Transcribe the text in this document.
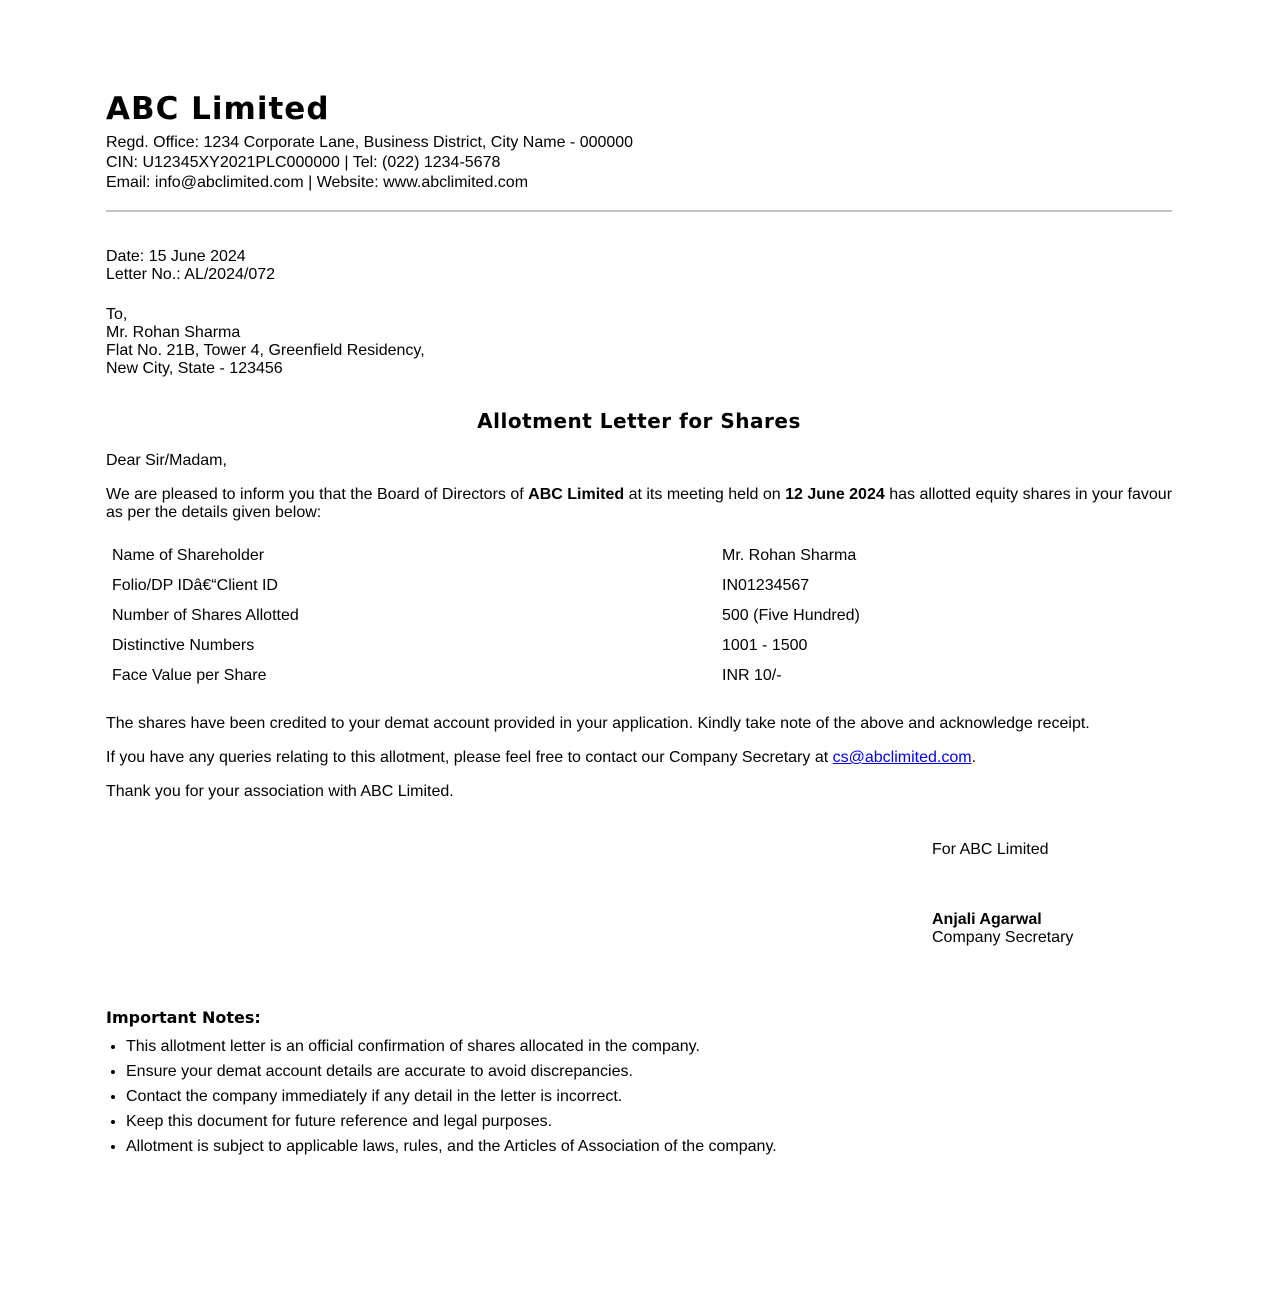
ABC Limited
Regd. Office: 1234 Corporate Lane, Business District, City Name - 000000
CIN: U12345XY2021PLC000000 | Tel: (022) 1234-5678
Email: info@abclimited.com | Website: www.abclimited.com
Date: 15 June 2024
Letter No.: AL/2024/072
To,
Mr. Rohan Sharma
Flat No. 21B, Tower 4, Greenfield Residency,
New City, State - 123456
Allotment Letter for Shares
Dear Sir/Madam,
We are pleased to inform you that the Board of Directors of ABC Limited at its meeting held on 12 June 2024 has allotted equity shares in your favour as per the details given below:
Name of Shareholder	Mr. Rohan Sharma
Folio/DP IDâ€“Client ID	IN01234567
Number of Shares Allotted	500 (Five Hundred)
Distinctive Numbers	1001 - 1500
Face Value per Share	INR 10/-
The shares have been credited to your demat account provided in your application. Kindly take note of the above and acknowledge receipt.
If you have any queries relating to this allotment, please feel free to contact our Company Secretary at cs@abclimited.com.
Thank you for your association with ABC Limited.
For ABC Limited
Anjali Agarwal
Company Secretary
Important Notes:
• This allotment letter is an official confirmation of shares allocated in the company.
• Ensure your demat account details are accurate to avoid discrepancies.
• Contact the company immediately if any detail in the letter is incorrect.
• Keep this document for future reference and legal purposes.
• Allotment is subject to applicable laws, rules, and the Articles of Association of the company.
